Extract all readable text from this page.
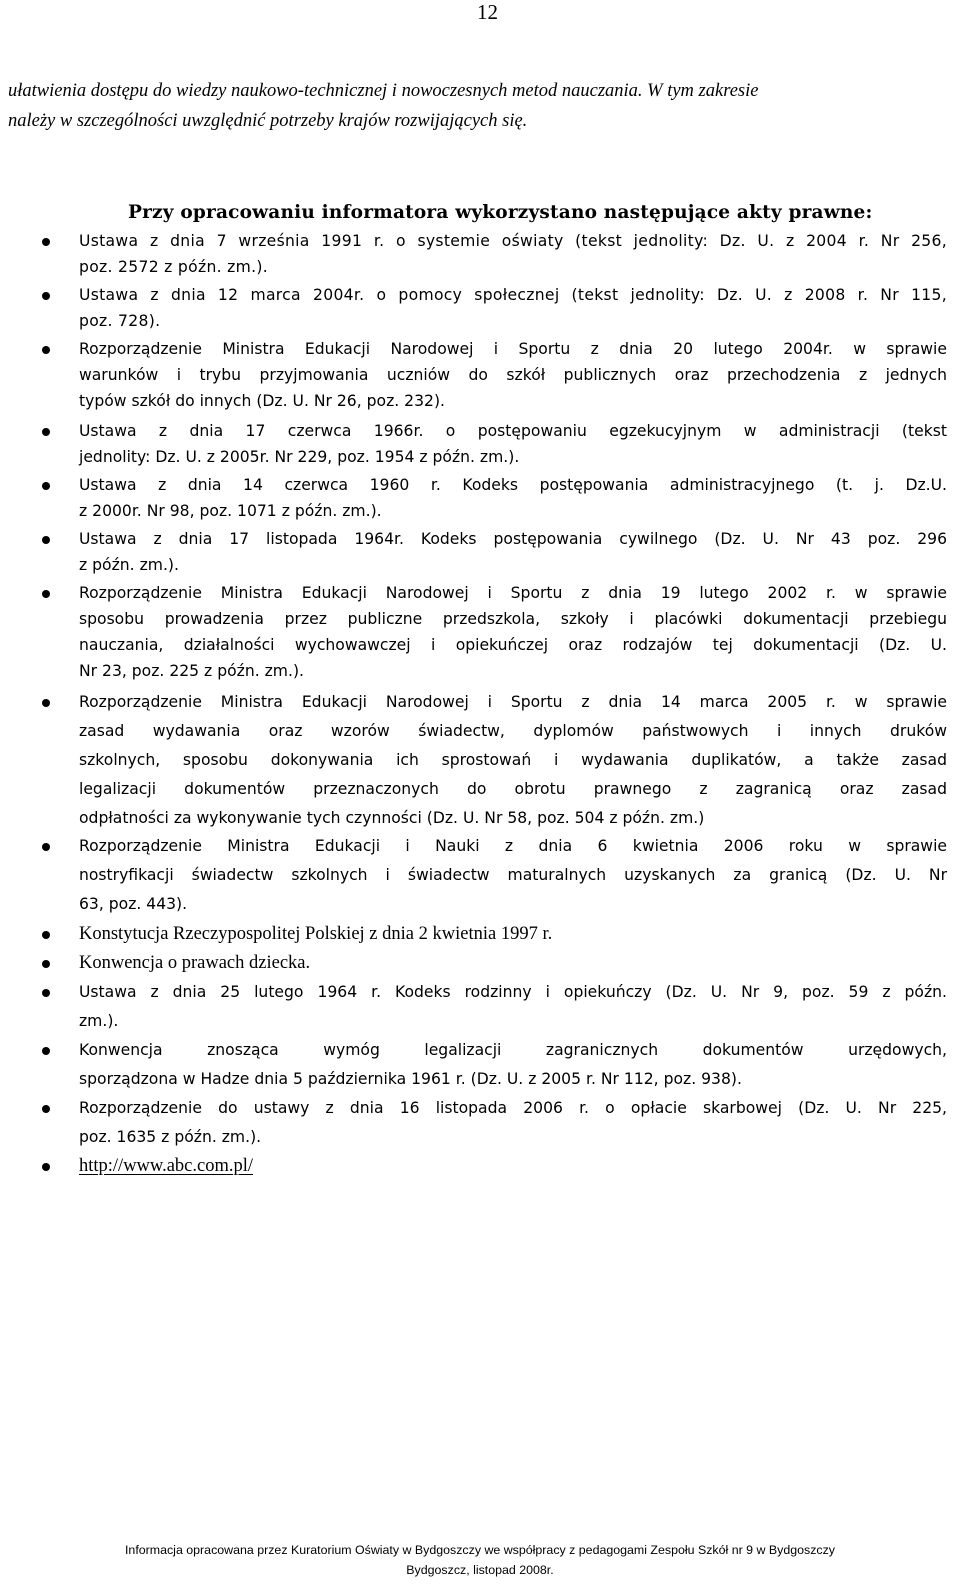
12
ułatwienia dostępu do wiedzy naukowo-technicznej i nowoczesnych metod nauczania. W tym zakresie
należy w szczególności uwzględnić potrzeby krajów rozwijających się.
Przy opracowaniu informatora wykorzystano następujące akty prawne:
Ustawa z dnia 7 września 1991 r. o systemie oświaty (tekst jednolity: Dz. U. z 2004 r. Nr 256,
poz. 2572 z późn. zm.).
Ustawa z dnia 12 marca 2004r. o pomocy społecznej (tekst jednolity: Dz. U. z 2008 r. Nr 115,
poz. 728).
Rozporządzenie Ministra Edukacji Narodowej i Sportu z dnia 20 lutego 2004r. w sprawie
warunków i trybu przyjmowania uczniów do szkół publicznych oraz przechodzenia z jednych
typów szkół do innych (Dz. U. Nr 26, poz. 232).
Ustawa z dnia 17 czerwca 1966r. o postępowaniu egzekucyjnym w administracji (tekst
jednolity: Dz. U. z 2005r. Nr 229, poz. 1954 z późn. zm.).
Ustawa z dnia 14 czerwca 1960 r. Kodeks postępowania administracyjnego (t. j. Dz.U.
z 2000r. Nr 98, poz. 1071 z późn. zm.).
Ustawa z dnia 17 listopada 1964r. Kodeks postępowania cywilnego (Dz. U. Nr 43 poz. 296
z późn. zm.).
Rozporządzenie Ministra Edukacji Narodowej i Sportu z dnia 19 lutego 2002 r. w sprawie
sposobu prowadzenia przez publiczne przedszkola, szkoły i placówki dokumentacji przebiegu
nauczania, działalności wychowawczej i opiekuńczej oraz rodzajów tej dokumentacji (Dz. U.
Nr 23, poz. 225 z późn. zm.).
Rozporządzenie Ministra Edukacji Narodowej i Sportu z dnia 14 marca 2005 r. w sprawie
zasad wydawania oraz wzorów świadectw, dyplomów państwowych i innych druków
szkolnych, sposobu dokonywania ich sprostowań i wydawania duplikatów, a także zasad
legalizacji dokumentów przeznaczonych do obrotu prawnego z zagranicą oraz zasad
odpłatności za wykonywanie tych czynności (Dz. U. Nr 58, poz. 504 z późn. zm.)
Rozporządzenie Ministra Edukacji i Nauki z dnia 6 kwietnia 2006 roku w sprawie
nostryfikacji świadectw szkolnych i świadectw maturalnych uzyskanych za granicą (Dz. U. Nr
63, poz. 443).
Konstytucja Rzeczypospolitej Polskiej z dnia 2 kwietnia 1997 r.
Konwencja o prawach dziecka.
Ustawa z dnia 25 lutego 1964 r. Kodeks rodzinny i opiekuńczy (Dz. U. Nr 9, poz. 59 z późn.
zm.).
Konwencja znosząca wymóg legalizacji zagranicznych dokumentów urzędowych,
sporządzona w Hadze dnia 5 października 1961 r. (Dz. U. z 2005 r. Nr 112, poz. 938).
Rozporządzenie do ustawy z dnia 16 listopada 2006 r. o opłacie skarbowej (Dz. U. Nr 225,
poz. 1635 z późn. zm.).
http://www.abc.com.pl/
Informacja opracowana przez Kuratorium Oświaty w Bydgoszczy we współpracy z pedagogami Zespołu Szkół nr 9 w Bydgoszczy
Bydgoszcz, listopad 2008r.
